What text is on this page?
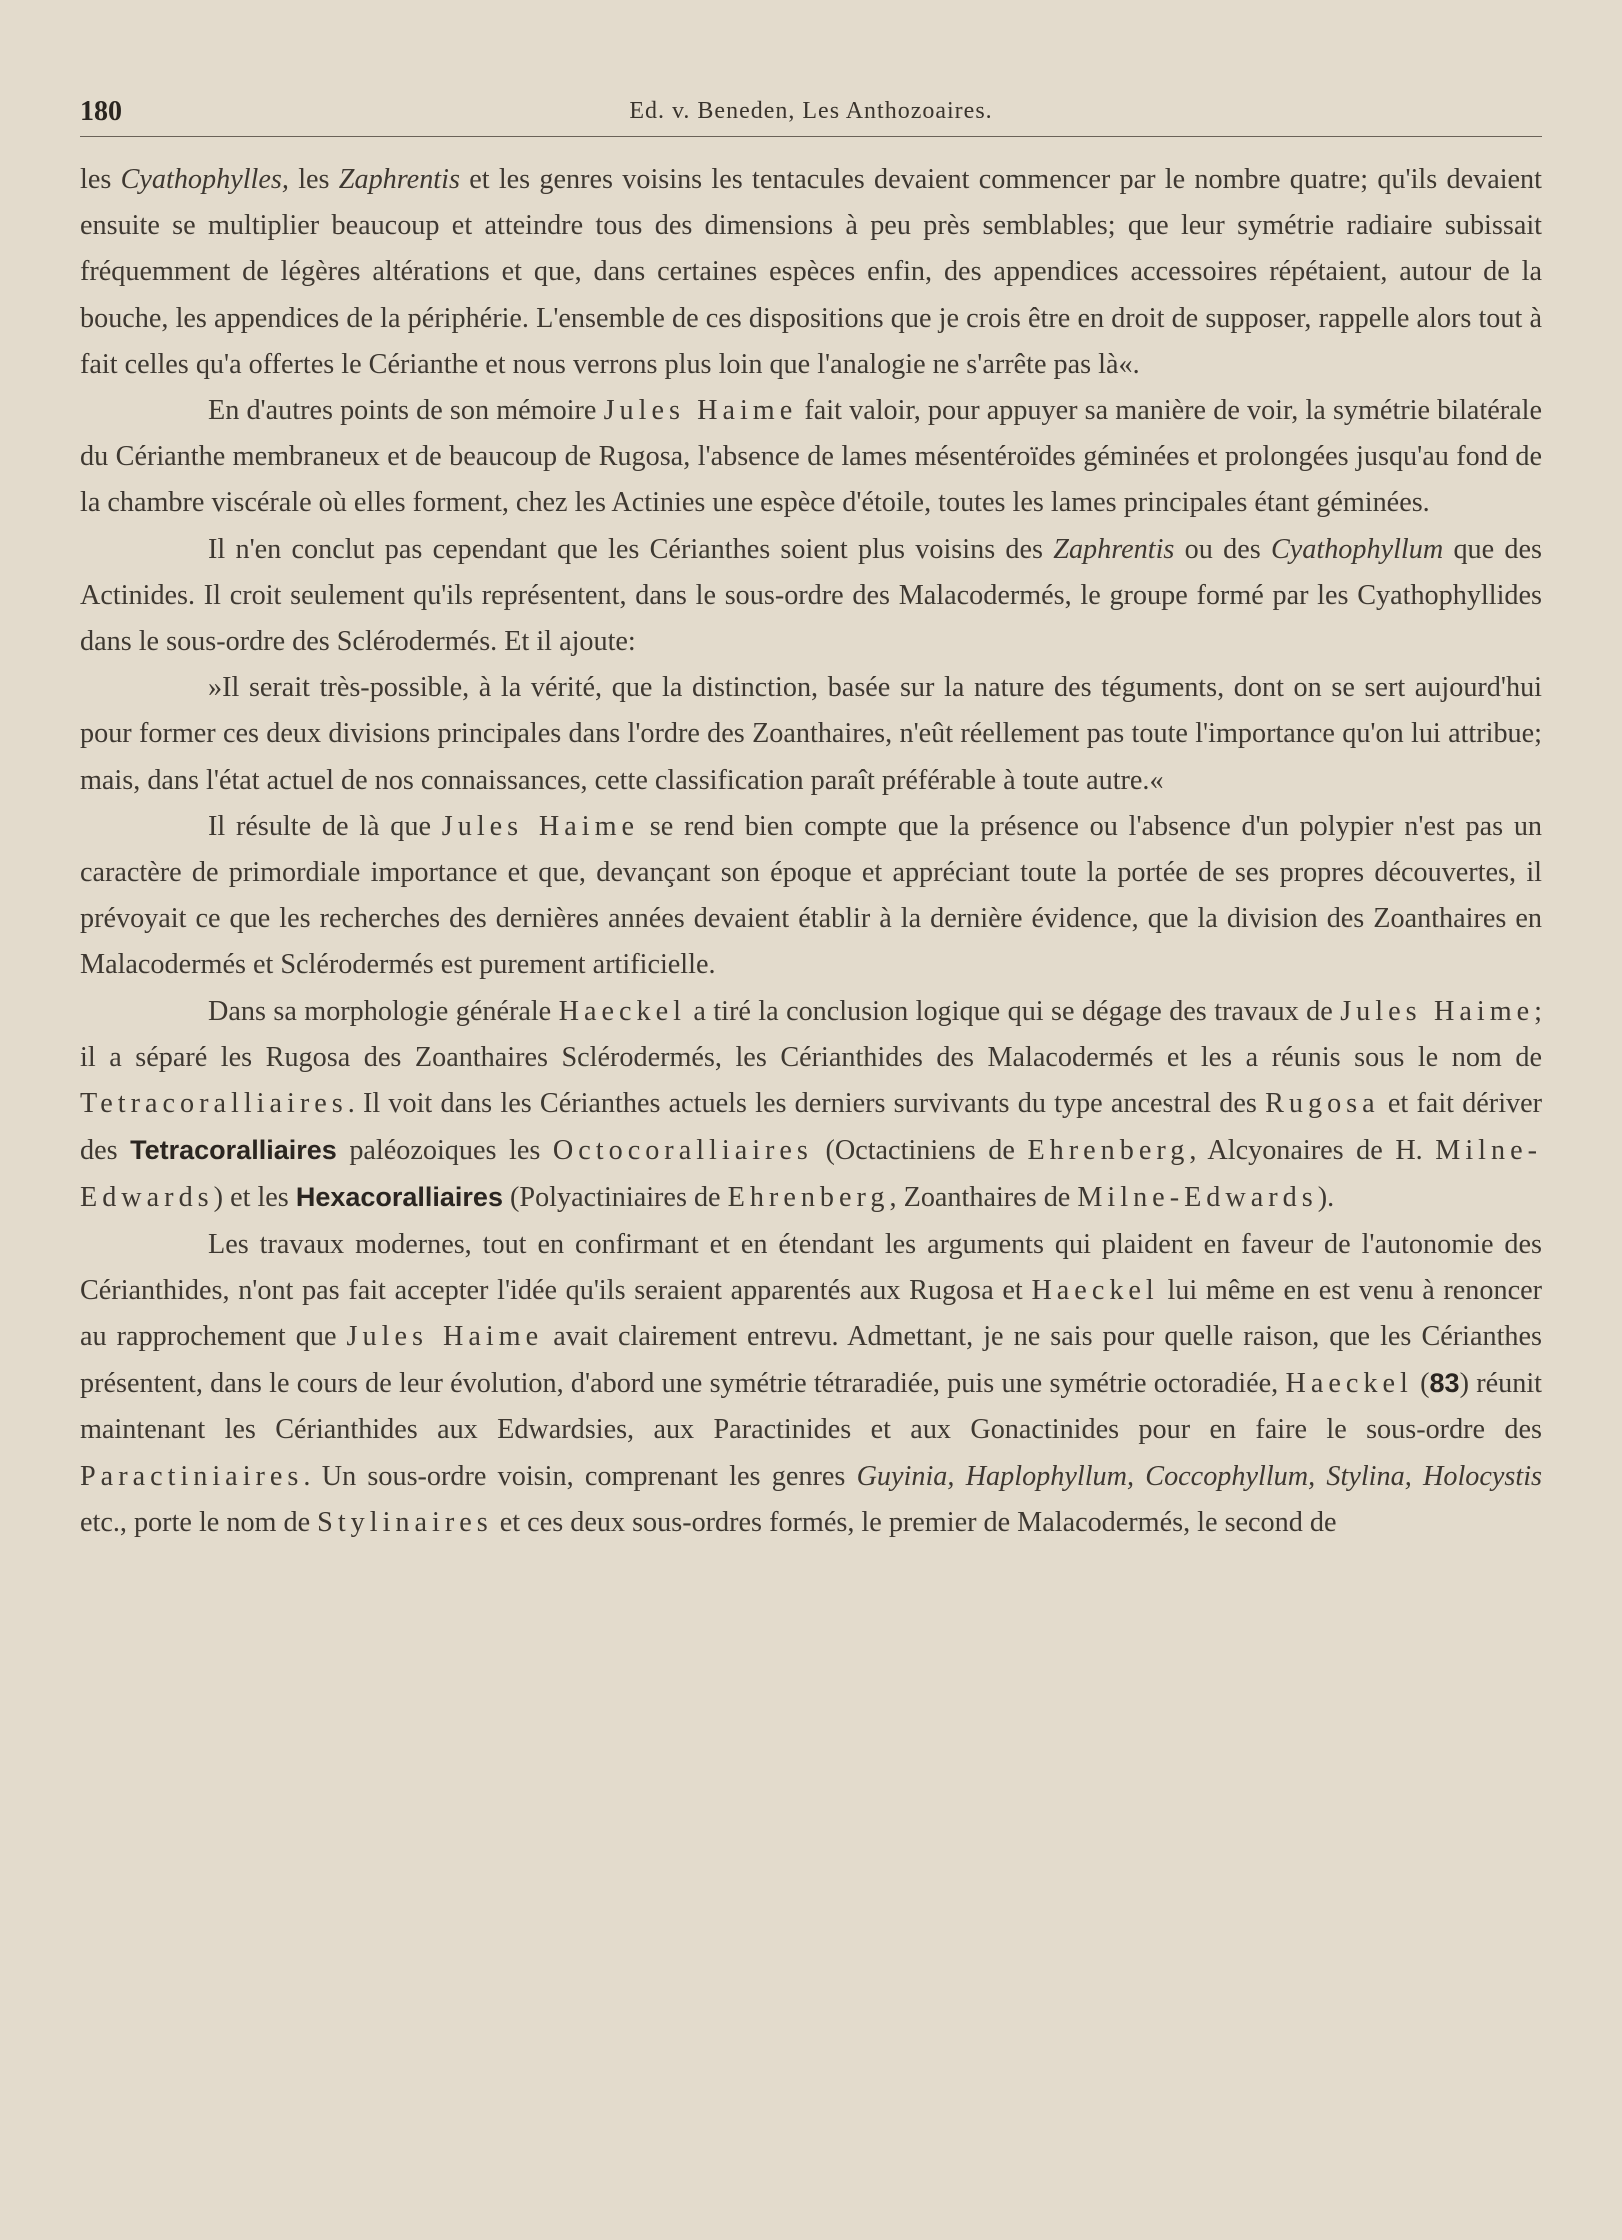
180	Ed. v. Beneden, Les Anthozoaires.

les Cyathophylles, les Zaphrentis et les genres voisins les tentacules devaient commencer par le nombre quatre; qu'ils devaient ensuite se multiplier beaucoup et atteindre tous des dimensions à peu près semblables; que leur symétrie radiaire subissait fréquemment de légères altérations et que, dans certaines espèces enfin, des appendices accessoires répétaient, autour de la bouche, les appendices de la périphérie. L'ensemble de ces dispositions que je crois être en droit de supposer, rappelle alors tout à fait celles qu'a offertes le Cérianthe et nous verrons plus loin que l'analogie ne s'arrête pas là«.

En d'autres points de son mémoire Jules Haime fait valoir, pour appuyer sa manière de voir, la symétrie bilatérale du Cérianthe membraneux et de beaucoup de Rugosa, l'absence de lames mésentéroïdes géminées et prolongées jusqu'au fond de la chambre viscérale où elles forment, chez les Actinies une espèce d'étoile, toutes les lames principales étant géminées.

Il n'en conclut pas cependant que les Cérianthes soient plus voisins des Zaphrentis ou des Cyathophyllum que des Actinides. Il croit seulement qu'ils représentent, dans le sous-ordre des Malacodermés, le groupe formé par les Cyathophyllides dans le sous-ordre des Sclérodermés. Et il ajoute:

»Il serait très-possible, à la vérité, que la distinction, basée sur la nature des téguments, dont on se sert aujourd'hui pour former ces deux divisions principales dans l'ordre des Zoanthaires, n'eût réellement pas toute l'importance qu'on lui attribue; mais, dans l'état actuel de nos connaissances, cette classification paraît préférable à toute autre.«

Il résulte de là que Jules Haime se rend bien compte que la présence ou l'absence d'un polypier n'est pas un caractère de primordiale importance et que, devançant son époque et appréciant toute la portée de ses propres découvertes, il prévoyait ce que les recherches des dernières années devaient établir à la dernière évidence, que la division des Zoanthaires en Malacodermés et Sclérodermés est purement artificielle.

Dans sa morphologie générale Haeckel a tiré la conclusion logique qui se dégage des travaux de Jules Haime; il a séparé les Rugosa des Zoanthaires Sclérodermés, les Cérianthides des Malacodermés et les a réunis sous le nom de Tetracoralliaires. Il voit dans les Cérianthes actuels les derniers survivants du type ancestral des Rugosa et fait dériver des Tetracoralliaires paléozoiques les Octocoralliaires (Octactiniens de Ehrenberg, Alcyonaires de H. Milne-Edwards) et les Hexacoralliaires (Polyactiniaires de Ehrenberg, Zoanthaires de Milne-Edwards).

Les travaux modernes, tout en confirmant et en étendant les arguments qui plaident en faveur de l'autonomie des Cérianthides, n'ont pas fait accepter l'idée qu'ils seraient apparentés aux Rugosa et Haeckel lui même en est venu à renoncer au rapprochement que Jules Haime avait clairement entrevu. Admettant, je ne sais pour quelle raison, que les Cérianthes présentent, dans le cours de leur évolution, d'abord une symétrie tétraradiée, puis une symétrie octoradiée, Haeckel (83) réunit maintenant les Cérianthides aux Edwardsies, aux Paractinides et aux Gonactinides pour en faire le sous-ordre des Paractiniaires. Un sous-ordre voisin, comprenant les genres Guyinia, Haplophyllum, Coccophyllum, Stylina, Holocystis etc., porte le nom de Stylinaires et ces deux sous-ordres formés, le premier de Malacodermés, le second de
